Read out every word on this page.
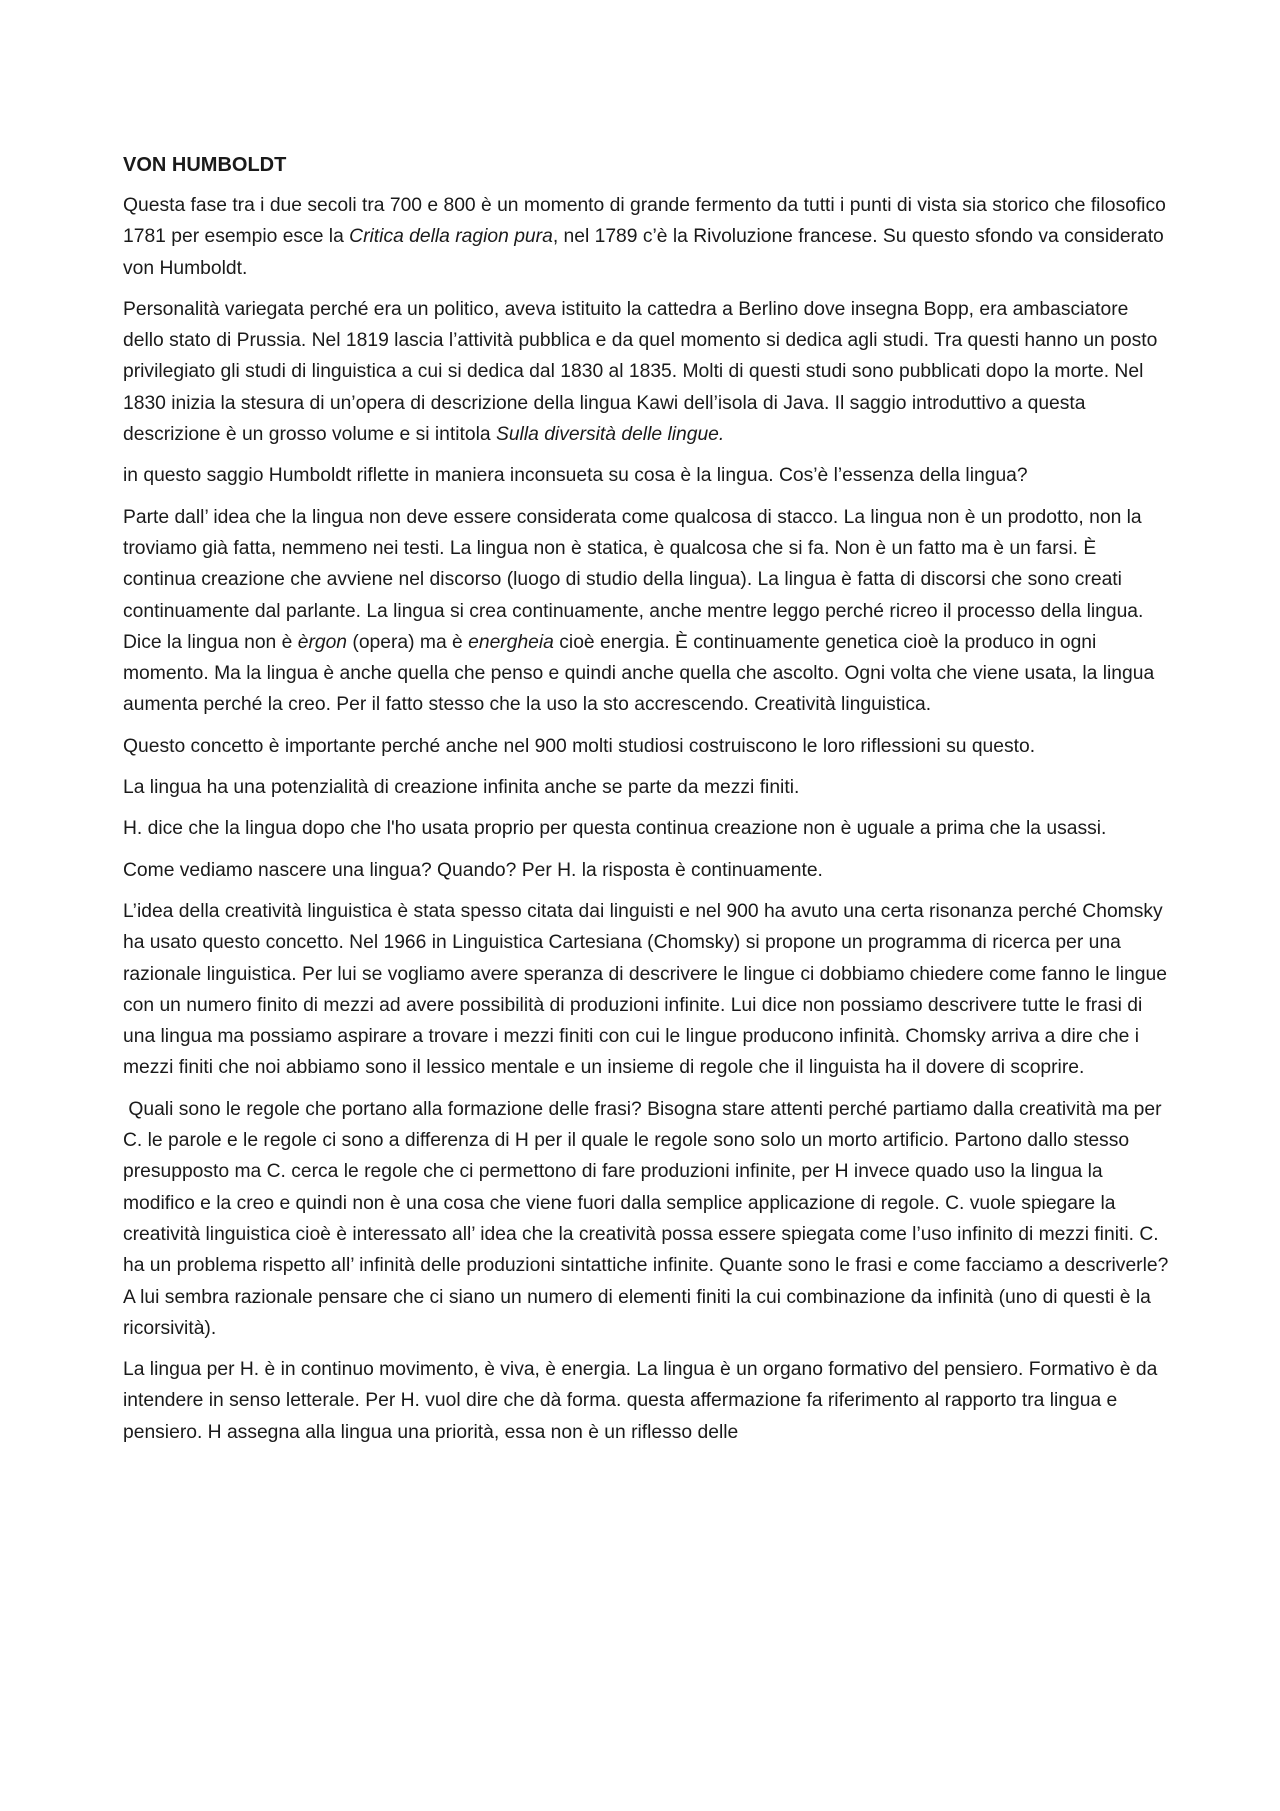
VON HUMBOLDT

Questa fase tra i due secoli tra 700 e 800 è un momento di grande fermento da tutti i punti di vista sia storico che filosofico 1781 per esempio esce la Critica della ragion pura, nel 1789 c’è la Rivoluzione francese. Su questo sfondo va considerato von Humboldt.

Personalità variegata perché era un politico, aveva istituito la cattedra a Berlino dove insegna Bopp, era ambasciatore dello stato di Prussia. Nel 1819 lascia l’attività pubblica e da quel momento si dedica agli studi. Tra questi hanno un posto privilegiato gli studi di linguistica a cui si dedica dal 1830 al 1835. Molti di questi studi sono pubblicati dopo la morte. Nel 1830 inizia la stesura di un’opera di descrizione della lingua Kawi dell’isola di Java. Il saggio introduttivo a questa descrizione è un grosso volume e si intitola Sulla diversità delle lingue.

in questo saggio Humboldt riflette in maniera inconsueta su cosa è la lingua. Cos’è l’essenza della lingua?

Parte dall’ idea che la lingua non deve essere considerata come qualcosa di stacco. La lingua non è un prodotto, non la troviamo già fatta, nemmeno nei testi. La lingua non è statica, è qualcosa che si fa. Non è un fatto ma è un farsi. È continua creazione che avviene nel discorso (luogo di studio della lingua). La lingua è fatta di discorsi che sono creati continuamente dal parlante. La lingua si crea continuamente, anche mentre leggo perché ricreo il processo della lingua. Dice la lingua non è èrgon (opera) ma è energheia cioè energia. È continuamente genetica cioè la produco in ogni momento. Ma la lingua è anche quella che penso e quindi anche quella che ascolto. Ogni volta che viene usata, la lingua aumenta perché la creo. Per il fatto stesso che la uso la sto accrescendo. Creatività linguistica.

Questo concetto è importante perché anche nel 900 molti studiosi costruiscono le loro riflessioni su questo.

La lingua ha una potenzialità di creazione infinita anche se parte da mezzi finiti.

H. dice che la lingua dopo che l'ho usata proprio per questa continua creazione non è uguale a prima che la usassi.

Come vediamo nascere una lingua? Quando? Per H. la risposta è continuamente.

L’idea della creatività linguistica è stata spesso citata dai linguisti e nel 900 ha avuto una certa risonanza perché Chomsky ha usato questo concetto. Nel 1966 in Linguistica Cartesiana (Chomsky) si propone un programma di ricerca per una razionale linguistica. Per lui se vogliamo avere speranza di descrivere le lingue ci dobbiamo chiedere come fanno le lingue con un numero finito di mezzi ad avere possibilità di produzioni infinite. Lui dice non possiamo descrivere tutte le frasi di una lingua ma possiamo aspirare a trovare i mezzi finiti con cui le lingue producono infinità. Chomsky arriva a dire che i mezzi finiti che noi abbiamo sono il lessico mentale e un insieme di regole che il linguista ha il dovere di scoprire.

Quali sono le regole che portano alla formazione delle frasi? Bisogna stare attenti perché partiamo dalla creatività ma per C. le parole e le regole ci sono a differenza di H per il quale le regole sono solo un morto artificio. Partono dallo stesso presupposto ma C. cerca le regole che ci permettono di fare produzioni infinite, per H invece quado uso la lingua la modifico e la creo e quindi non è una cosa che viene fuori dalla semplice applicazione di regole. C. vuole spiegare la creatività linguistica cioè è interessato all’ idea che la creatività possa essere spiegata come l’uso infinito di mezzi finiti. C. ha un problema rispetto all’ infinità delle produzioni sintattiche infinite. Quante sono le frasi e come facciamo a descriverle? A lui sembra razionale pensare che ci siano un numero di elementi finiti la cui combinazione da infinità (uno di questi è la ricorsività).

La lingua per H. è in continuo movimento, è viva, è energia. La lingua è un organo formativo del pensiero. Formativo è da intendere in senso letterale. Per H. vuol dire che dà forma. questa affermazione fa riferimento al rapporto tra lingua e pensiero. H assegna alla lingua una priorità, essa non è un riflesso delle
